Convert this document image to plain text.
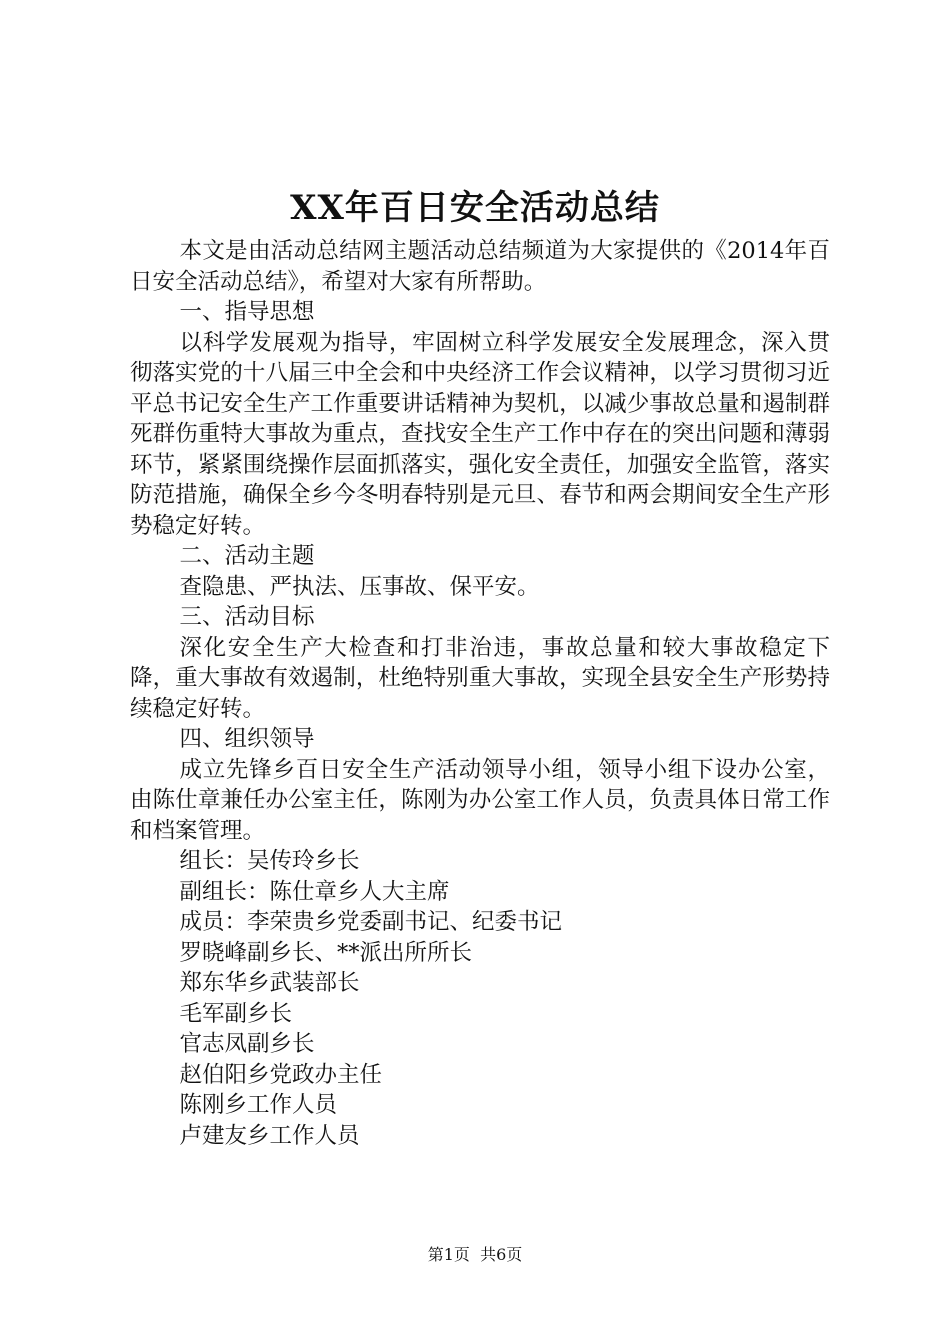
XX年百日安全活动总结

本文是由活动总结网主题活动总结频道为大家提供的《2014年百日安全活动总结》，希望对大家有所帮助。

一、指导思想

以科学发展观为指导，牢固树立科学发展安全发展理念，深入贯彻落实党的十八届三中全会和中央经济工作会议精神，以学习贯彻习近平总书记安全生产工作重要讲话精神为契机，以减少事故总量和遏制群死群伤重特大事故为重点，查找安全生产工作中存在的突出问题和薄弱环节，紧紧围绕操作层面抓落实，强化安全责任，加强安全监管，落实防范措施，确保全乡今冬明春特别是元旦、春节和两会期间安全生产形势稳定好转。

二、活动主题

查隐患、严执法、压事故、保平安。

三、活动目标

深化安全生产大检查和打非治违，事故总量和较大事故稳定下降，重大事故有效遏制，杜绝特别重大事故，实现全县安全生产形势持续稳定好转。

四、组织领导

成立先锋乡百日安全生产活动领导小组，领导小组下设办公室，由陈仕章兼任办公室主任，陈刚为办公室工作人员，负责具体日常工作和档案管理。

组长：吴传玲乡长

副组长：陈仕章乡人大主席

成员：李荣贵乡党委副书记、纪委书记

罗晓峰副乡长、**派出所所长

郑东华乡武装部长

毛军副乡长

官志凤副乡长

赵伯阳乡党政办主任

陈刚乡工作人员

卢建友乡工作人员

第1页  共6页
